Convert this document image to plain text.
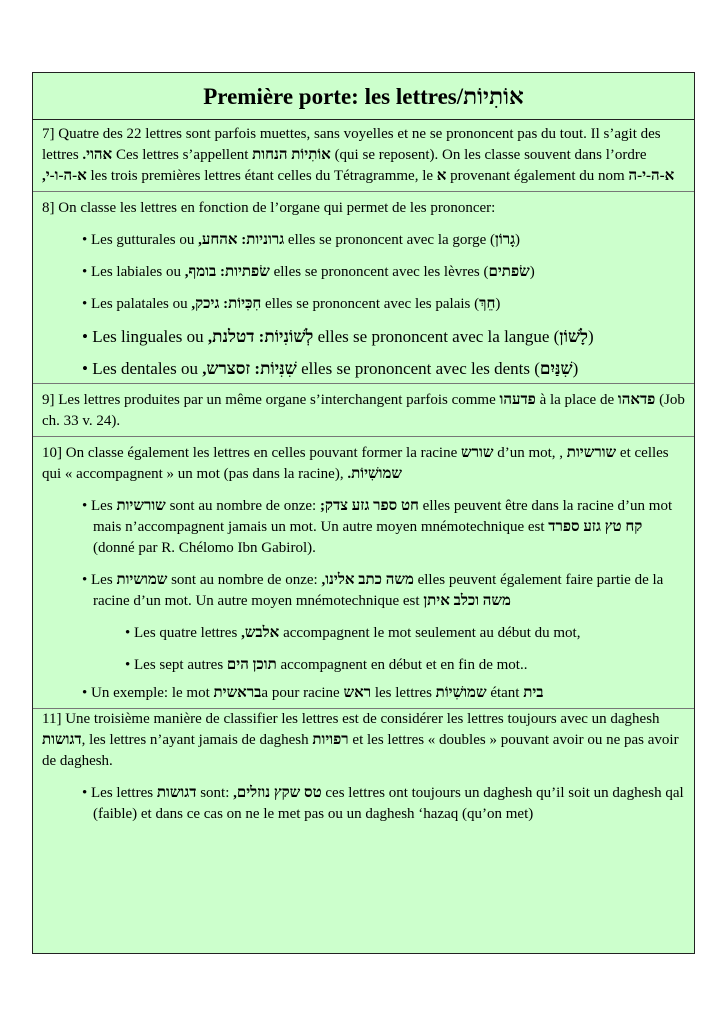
Première porte: les lettres/אוֹתִיוֹת

7] Quatre des 22 lettres sont parfois muettes, sans voyelles et ne se prononcent pas du tout. Il s’agit des lettres אהוי. Ces lettres s’appellent אוֹתִיוֹת הנחות (qui se reposent). On les classe souvent dans l’ordre א-ה-ו-י, les trois premières lettres étant celles du Tétragramme, le א provenant également du nom א-ה-י-ה

8] On classe les lettres en fonction de l’organe qui permet de les prononcer:

• Les gutturales ou גרוניות: אהחע, elles se prononcent avec la gorge (גָרוֹן)

• Les labiales ou שׂפתיות: בומף, elles se prononcent avec les lèvres (שׂפתים)

• Les palatales ou חִכִּיוֹת: גיכק, elles se prononcent avec les palais (חֵךְ)

• Les linguales ou לְשׁוֹנִיוֹת: דטלנת, elles se prononcent avec la langue (לָשׁוֹן)

• Les dentales ou שִׁנִּיוֹת: זסצרש, elles se prononcent avec les dents (שִׁנַּיִם)

9] Les lettres produites par un même organe s’interchangent parfois comme פדעהו à la place de פדאהו (Job ch. 33 v. 24).

10] On classe également les lettres en celles pouvant former la racine שורש d’un mot, , שורשיות et celles qui « accompagnent » un mot (pas dans la racine), שמושִׁיוֹת.

• Les שורשיות sont au nombre de onze: חט ספר גזע צדק; elles peuvent être dans la racine d’un mot mais n’accompagnent jamais un mot. Un autre moyen mnémotechnique est קח טץ גזע ספרד (donné par R. Chélomo Ibn Gabirol).

• Les שמושיות sont au nombre de onze: משה כתב אלינו, elles peuvent également faire partie de la racine d’un mot. Un autre moyen mnémotechnique est משה וכלב איתן

• Les quatre lettres אלבש, accompagnent le mot seulement au début du mot,

• Les sept autres תוכן הים accompagnent en début et en fin de mot..

• Un exemple: le mot בראשיתa pour racine ראש les lettres שמושִׁיוֹת étant בית

11] Une troisième manière de classifier les lettres est de considérer les lettres toujours avec un daghesh דגושות, les lettres n’ayant jamais de daghesh רפויות et les lettres « doubles » pouvant avoir ou ne pas avoir de daghesh.

• Les lettres דגושות sont: טס שקץ נוזלים, ces lettres ont toujours un daghesh qu’il soit un daghesh qal (faible) et dans ce cas on ne le met pas ou un daghesh ‘hazaq (qu’on met)
